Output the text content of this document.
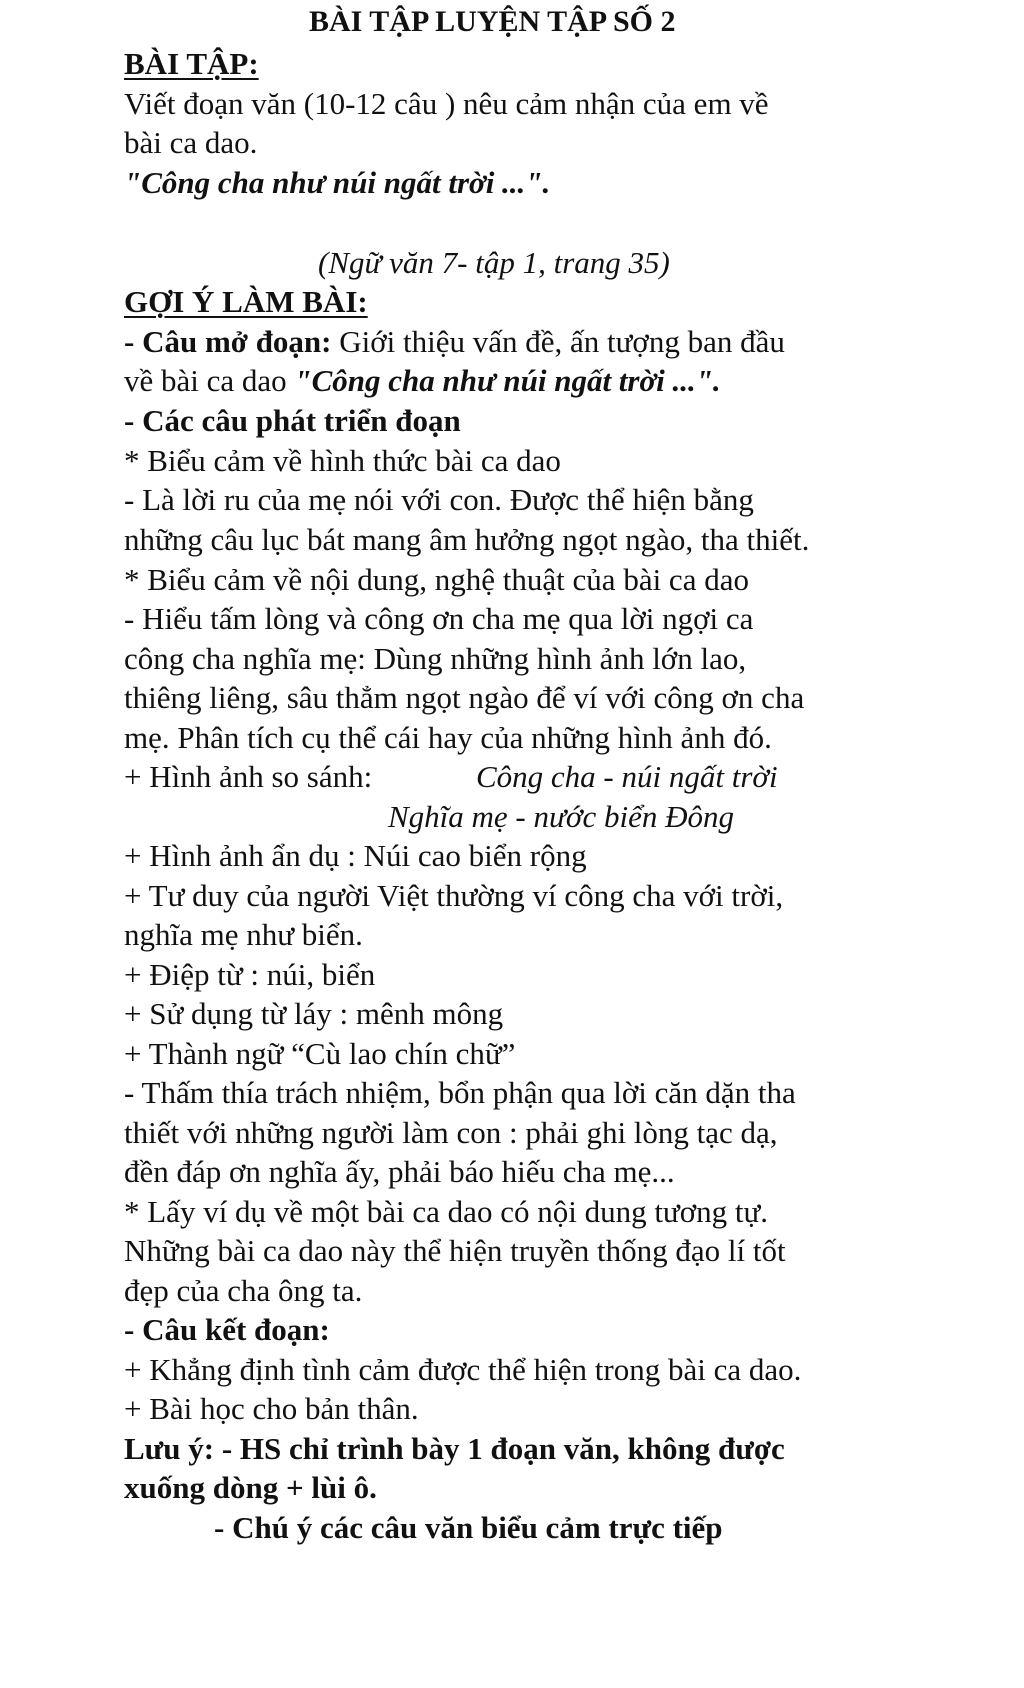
BÀI TẬP LUYỆN TẬP SỐ 2
BÀI TẬP:
Viết đoạn văn (10-12 câu ) nêu cảm nhận của em về
bài ca dao.
"Công cha như núi ngất trời ...".
(Ngữ văn 7- tập 1, trang 35)
GỢI Ý LÀM BÀI:
- Câu mở đoạn: Giới thiệu vấn đề, ấn tượng ban đầu
về bài ca dao "Công cha như núi ngất trời ...".
- Các câu phát triển đoạn
* Biểu cảm về hình thức bài ca dao
- Là lời ru của mẹ nói với con. Được thể hiện bằng
những câu lục bát mang âm hưởng ngọt ngào, tha thiết.
* Biểu cảm về nội dung, nghệ thuật của bài ca dao
- Hiểu tấm lòng và công ơn cha mẹ qua lời ngợi ca
công cha nghĩa mẹ: Dùng những hình ảnh lớn lao,
thiêng liêng, sâu thẳm ngọt ngào để ví với công ơn cha
mẹ. Phân tích cụ thể cái hay của những hình ảnh đó.
+ Hình ảnh so sánh:	Công cha - núi ngất trời
Nghĩa mẹ - nước biển Đông
+ Hình ảnh ẩn dụ : Núi cao biển rộng
+ Tư duy của người Việt thường ví công cha với trời,
nghĩa mẹ như biển.
+ Điệp từ : núi, biển
+ Sử dụng từ láy : mênh mông
+ Thành ngữ “Cù lao chín chữ”
- Thấm thía trách nhiệm, bổn phận qua lời căn dặn tha
thiết với những người làm con : phải ghi lòng tạc dạ,
đền đáp ơn nghĩa ấy, phải báo hiếu cha mẹ...
* Lấy ví dụ về một bài ca dao có nội dung tương tự.
Những bài ca dao này thể hiện truyền thống đạo lí tốt
đẹp của cha ông ta.
- Câu kết đoạn:
+ Khẳng định tình cảm được thể hiện trong bài ca dao.
+ Bài học cho bản thân.
Lưu ý: - HS chỉ trình bày 1 đoạn văn, không được
xuống dòng + lùi ô.
- Chú ý các câu văn biểu cảm trực tiếp
